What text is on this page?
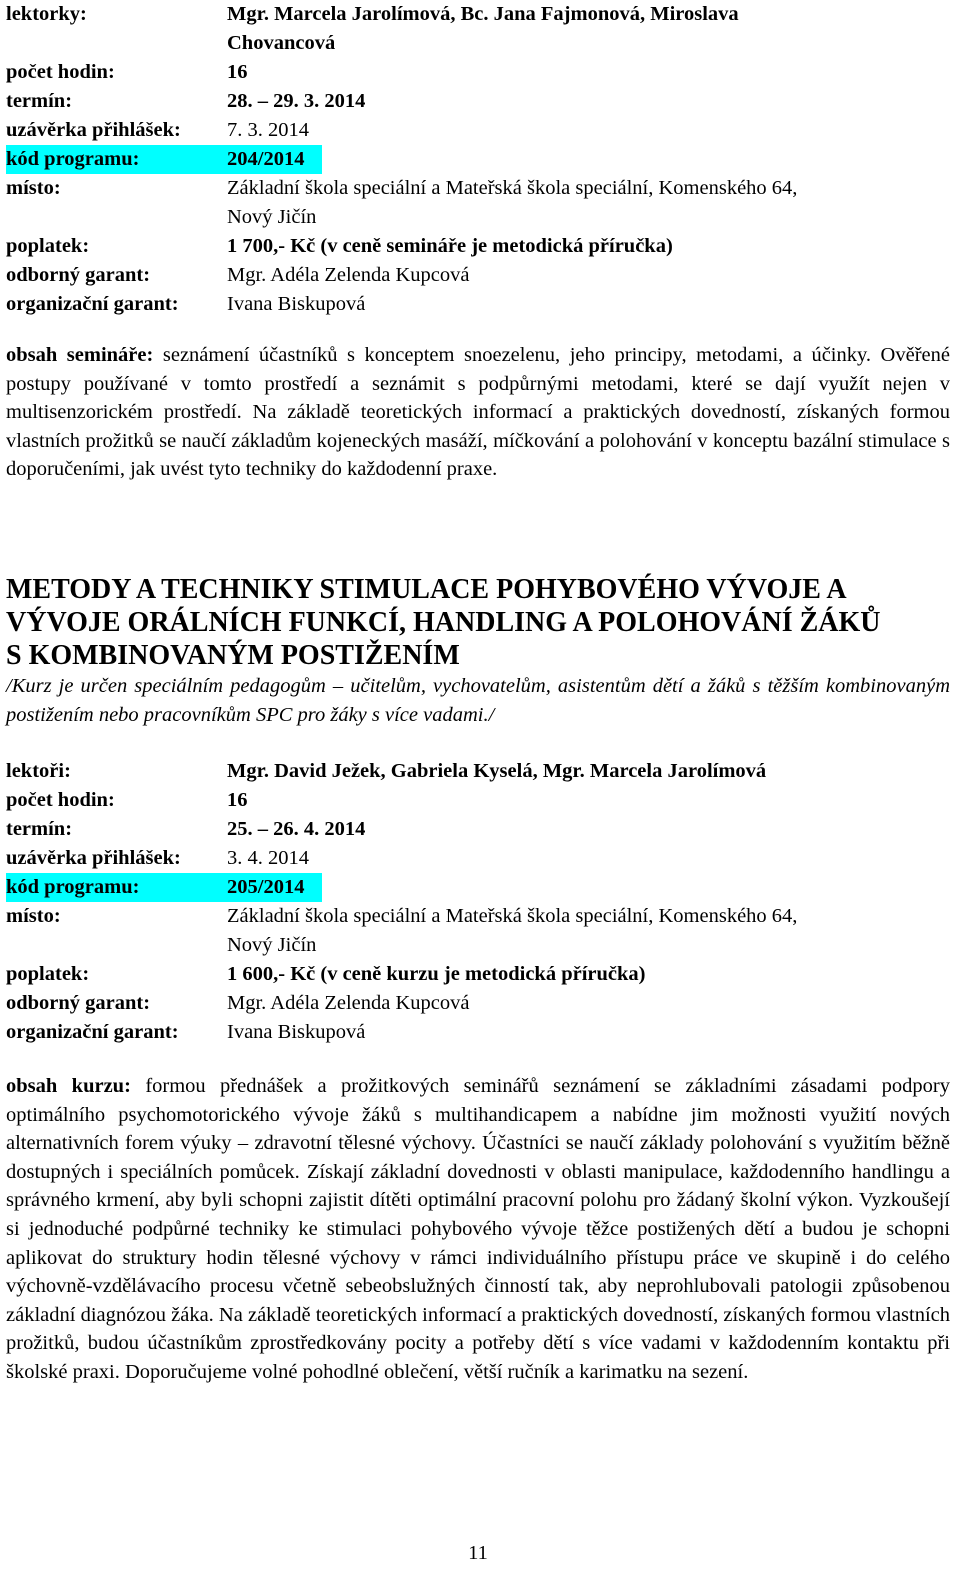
lektorky:	Mgr. Marcela Jarolímová, Bc. Jana Fajmonová, Miroslava
Chovancová
počet hodin:	16
termín:	28. – 29. 3. 2014
uzávěrka přihlášek: 7. 3. 2014
kód programu:	204/2014
místo:	Základní škola speciální a Mateřská škola speciální, Komenského 64,
Nový Jičín
poplatek:	1 700,- Kč (v ceně semináře je metodická příručka)
odborný garant:	Mgr. Adéla Zelenda Kupcová
organizační garant: Ivana Biskupová

obsah semináře: seznámení účastníků s konceptem snoezelenu, jeho principy, metodami, a účinky. Ověřené postupy používané v tomto prostředí a seznámit s podpůrnými metodami, které se dají využít nejen v multisenzorickém prostředí. Na základě teoretických informací a praktických dovedností, získaných formou vlastních prožitků se naučí základům kojeneckých masáží, míčkování a polohování v konceptu bazální stimulace s doporučeními, jak uvést tyto techniky do každodenní praxe.

METODY A TECHNIKY STIMULACE POHYBOVÉHO VÝVOJE A
VÝVOJE ORÁLNÍCH FUNKCÍ, HANDLING A POLOHOVÁNÍ ŽÁKŮ
S KOMBINOVANÝM POSTIŽENÍM

/Kurz je určen speciálním pedagogům – učitelům, vychovatelům, asistentům dětí a žáků s těžším kombinovaným postižením nebo pracovníkům SPC pro žáky s více vadami./

lektoři:	Mgr. David Ježek, Gabriela Kyselá, Mgr. Marcela Jarolímová
počet hodin:	16
termín:	25. – 26. 4. 2014
uzávěrka přihlášek: 3. 4. 2014
kód programu:	205/2014
místo:	Základní škola speciální a Mateřská škola speciální, Komenského 64,
Nový Jičín
poplatek:	1 600,- Kč (v ceně kurzu je metodická příručka)
odborný garant:	Mgr. Adéla Zelenda Kupcová
organizační garant: Ivana Biskupová

obsah kurzu: formou přednášek a prožitkových seminářů seznámení se základními zásadami podpory optimálního psychomotorického vývoje žáků s multihandicapem a nabídne jim možnosti využití nových alternativních forem výuky – zdravotní tělesné výchovy. Účastníci se naučí základy polohování s využitím běžně dostupných i speciálních pomůcek. Získají základní dovednosti v oblasti manipulace, každodenního handlingu a správného krmení, aby byli schopni zajistit dítěti optimální pracovní polohu pro žádaný školní výkon. Vyzkoušejí si jednoduché podpůrné techniky ke stimulaci pohybového vývoje těžce postižených dětí a budou je schopni aplikovat do struktury hodin tělesné výchovy v rámci individuálního přístupu práce ve skupině i do celého výchovně-vzdělávacího procesu včetně sebeobslužných činností tak, aby neprohlubovali patologii způsobenou základní diagnózou žáka. Na základě teoretických informací a praktických dovedností, získaných formou vlastních prožitků, budou účastníkům zprostředkovány pocity a potřeby dětí s více vadami v každodenním kontaktu při školské praxi. Doporučujeme volné pohodlné oblečení, větší ručník a karimatku na sezení.

11
